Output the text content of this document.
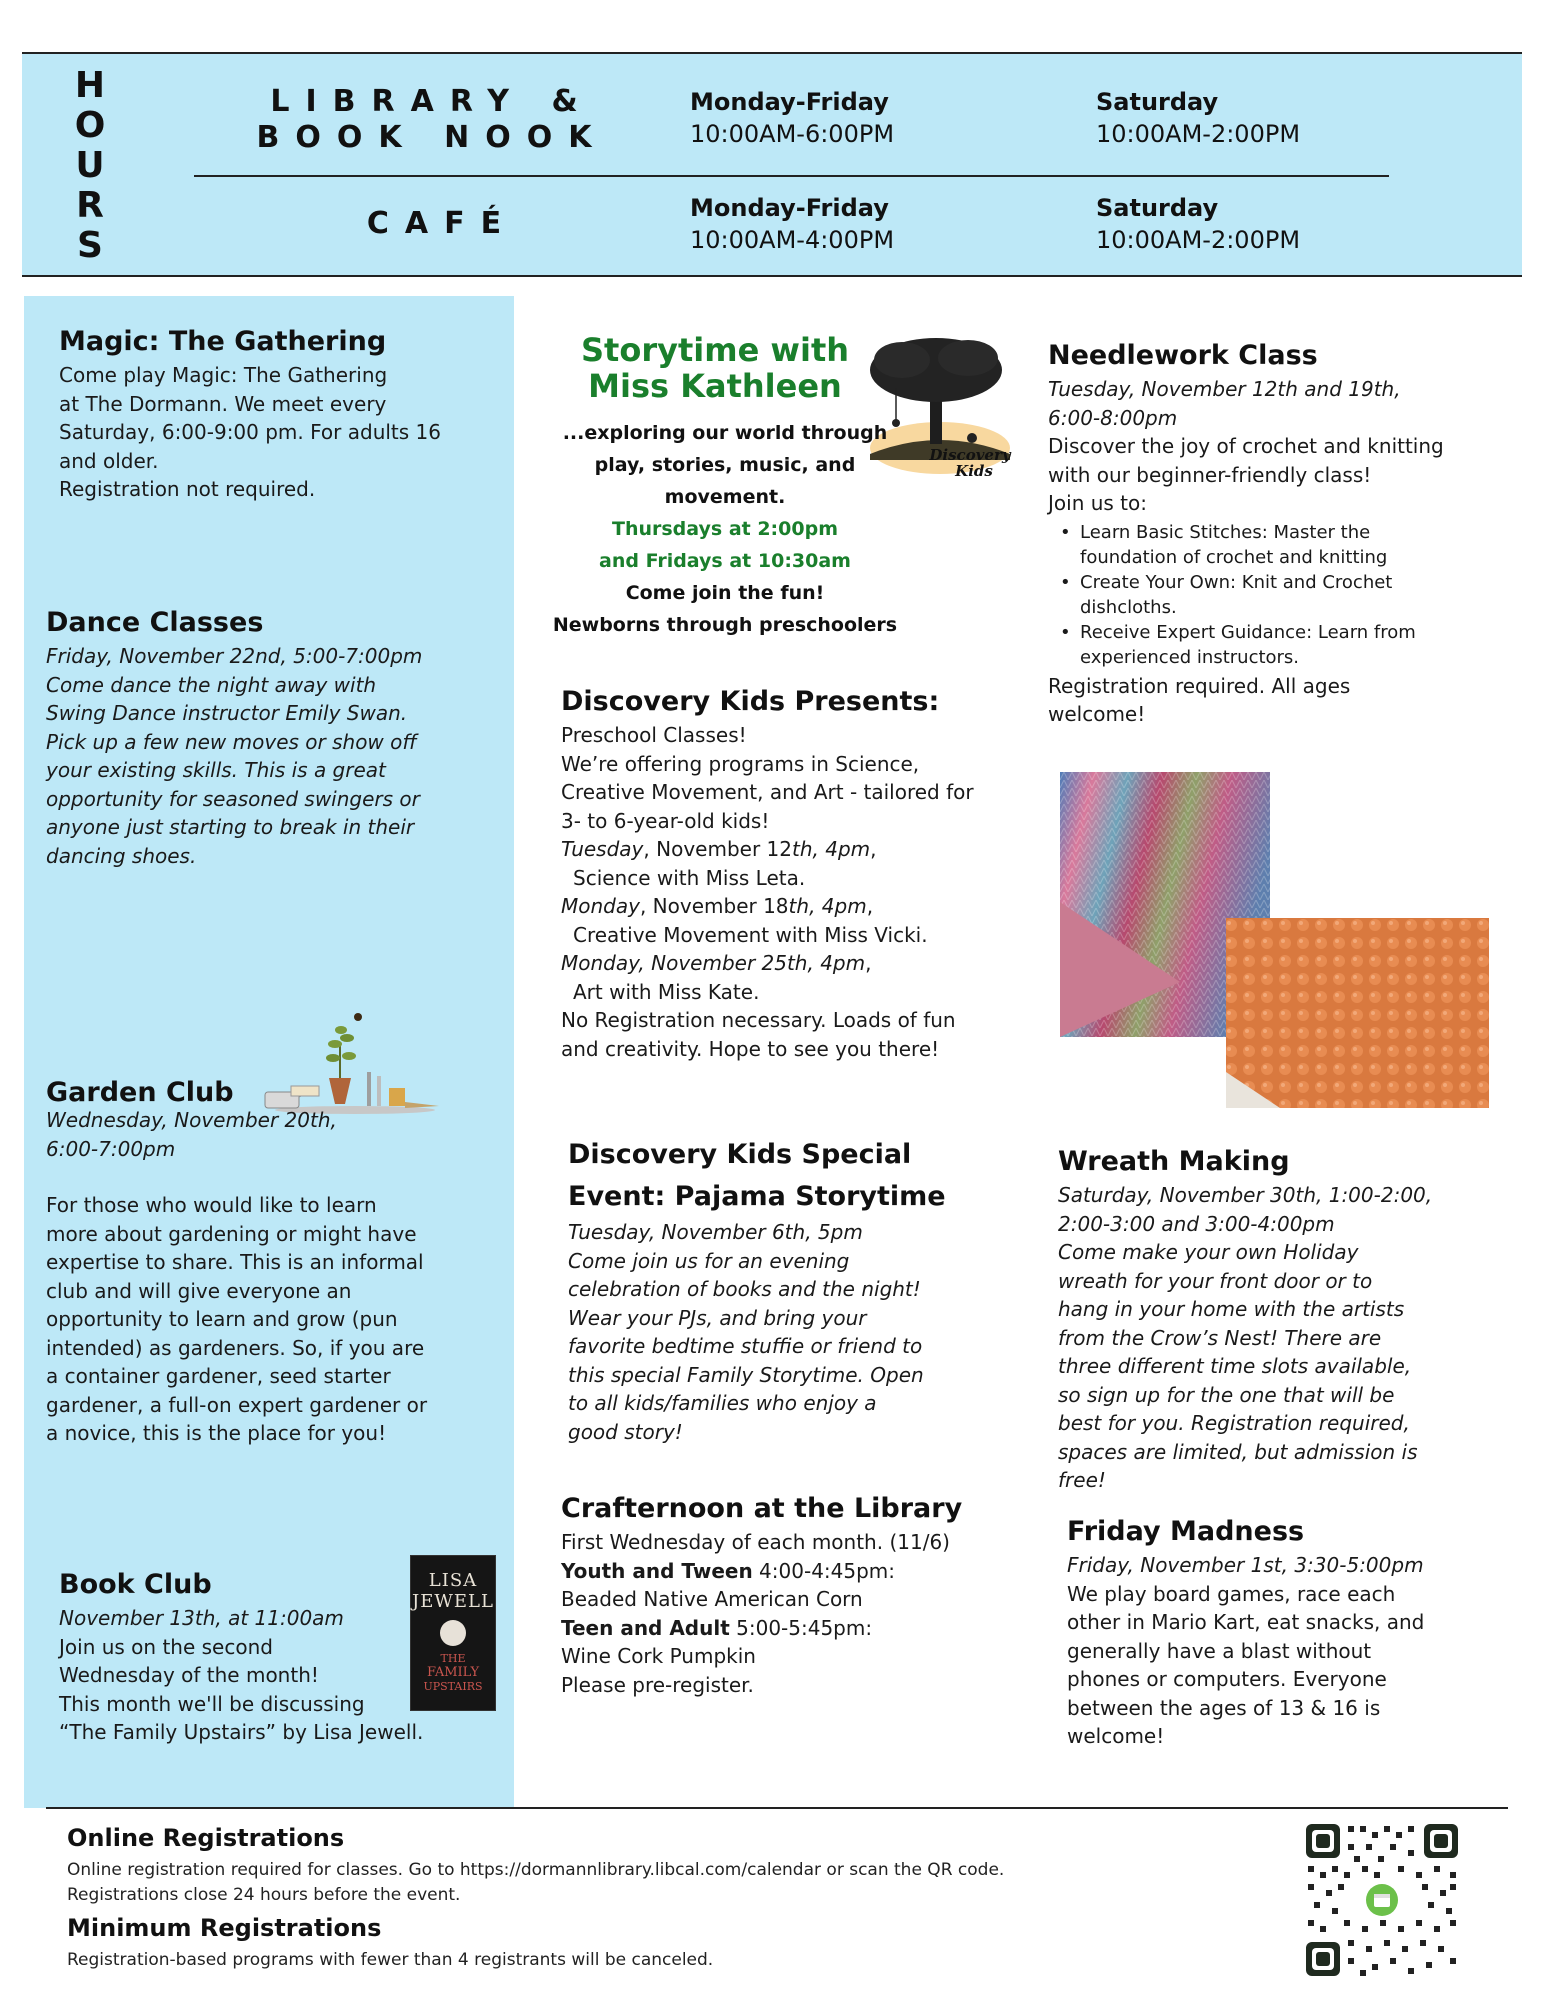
H
O
U
R
S
LIBRARY &
BOOK NOOK
Monday-Friday
10:00AM-6:00PM
Saturday
10:00AM-2:00PM
CAFÉ	Monday-Friday
10:00AM-4:00PM
Saturday
10:00AM-2:00PM
Magic: The Gathering
Come play Magic: The Gathering
at The Dormann. We meet every
Saturday, 6:00-9:00 pm. For adults 16
and older.
Registration not required.
Dance Classes
Friday, November 22nd, 5:00-7:00pm
Come dance the night away with
Swing Dance instructor Emily Swan.
Pick up a few new moves or show off
your existing skills. This is a great
opportunity for seasoned swingers or
anyone just starting to break in their
dancing shoes.
Garden Club
Wednesday, November 20th,
6:00-7:00pm
For those who would like to learn
more about gardening or might have
expertise to share. This is an informal
club and will give everyone an
opportunity to learn and grow (pun
intended) as gardeners. So, if you are
a container gardener, seed starter
gardener, a full-on expert gardener or
a novice, this is the place for you!
LISA
JEWELL
THE
FAMILY
UPSTAIRS
Book Club
November 13th, at 11:00am
Join us on the second
Wednesday of the month!
This month we'll be discussing
“The Family Upstairs” by Lisa Jewell.
Storytime with
Miss Kathleen
Discovery
Kids
...exploring our world through
play, stories, music, and
movement.
Thursdays at 2:00pm
and Fridays at 10:30am
Come join the fun!
Newborns through preschoolers
Discovery Kids Presents:
Preschool Classes!
We’re offering programs in Science,
Creative Movement, and Art - tailored for
3- to 6-year-old kids!
Tuesday, November 12th, 4pm,
Science with Miss Leta.
Monday, November 18th, 4pm,
Creative Movement with Miss Vicki.
Monday, November 25th, 4pm,
Art with Miss Kate.
No Registration necessary. Loads of fun
and creativity. Hope to see you there!
Discovery Kids Special
Event: Pajama Storytime
Tuesday, November 6th, 5pm
Come join us for an evening
celebration of books and the night!
Wear your PJs, and bring your
favorite bedtime stuffie or friend to
this special Family Storytime. Open
to all kids/families who enjoy a
good story!
Crafternoon at the Library
First Wednesday of each month. (11/6)
Youth and Tween 4:00-4:45pm:
Beaded Native American Corn
Teen and Adult 5:00-5:45pm:
Wine Cork Pumpkin
Please pre-register.
Needlework Class
Tuesday, November 12th and 19th,
6:00-8:00pm
Discover the joy of crochet and knitting
with our beginner-friendly class!
Join us to:
• Learn Basic Stitches: Master the
foundation of crochet and knitting
• Create Your Own: Knit and Crochet
dishcloths.
• Receive Expert Guidance: Learn from
experienced instructors.
Registration required. All ages
welcome!
Wreath Making
Saturday, November 30th, 1:00-2:00,
2:00-3:00 and 3:00-4:00pm
Come make your own Holiday
wreath for your front door or to
hang in your home with the artists
from the Crow’s Nest! There are
three different time slots available,
so sign up for the one that will be
best for you. Registration required,
spaces are limited, but admission is
free!
Friday Madness
Friday, November 1st, 3:30-5:00pm
We play board games, race each
other in Mario Kart, eat snacks, and
generally have a blast without
phones or computers. Everyone
between the ages of 13 & 16 is
welcome!
Online Registrations
Online registration required for classes. Go to https://dormannlibrary.libcal.com/calendar or scan the QR code.
Registrations close 24 hours before the event.
Minimum Registrations
Registration-based programs with fewer than 4 registrants will be canceled.
